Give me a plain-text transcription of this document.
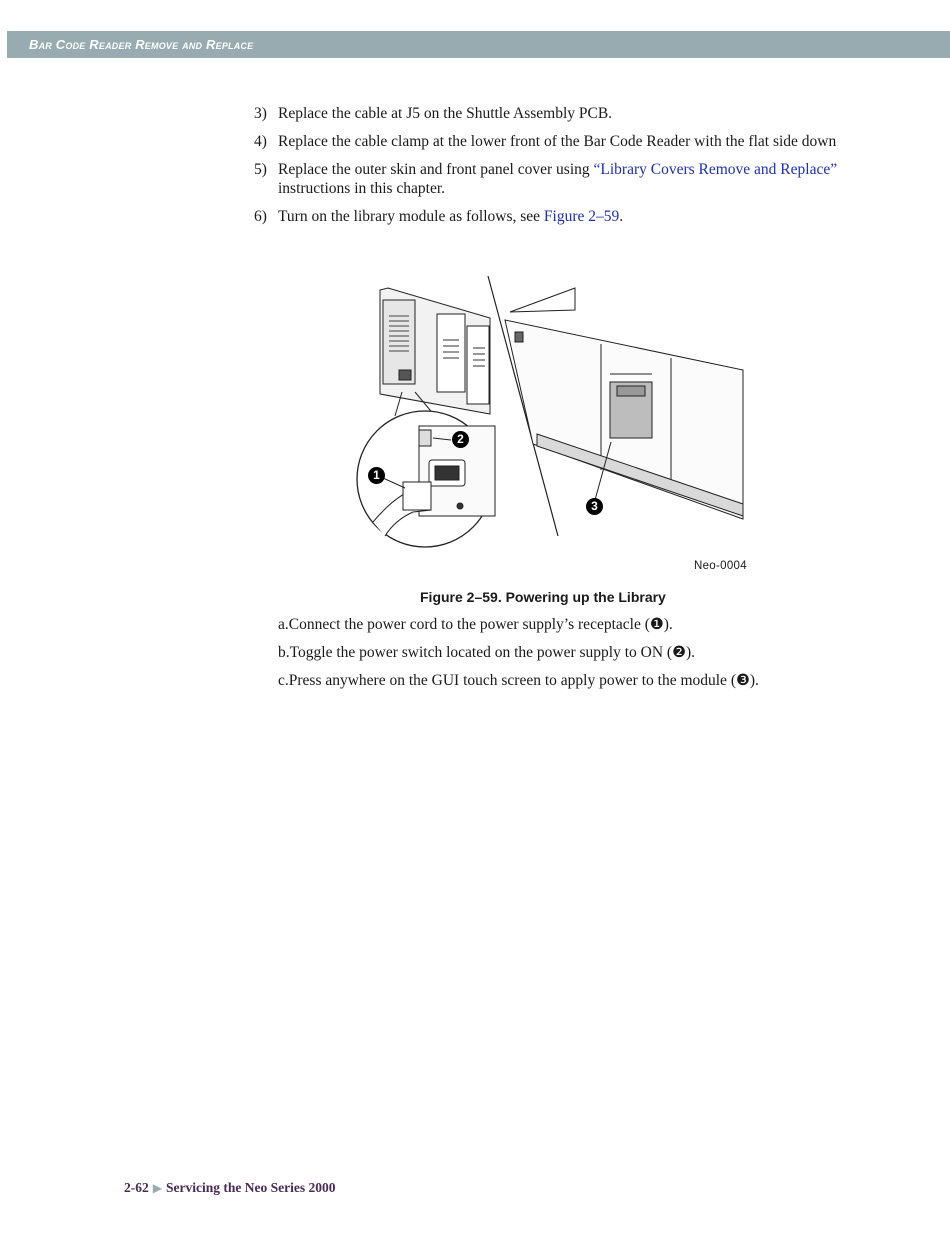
Bar Code Reader Remove and Replace
3) Replace the cable at J5 on the Shuttle Assembly PCB.
4) Replace the cable clamp at the lower front of the Bar Code Reader with the flat side down
5) Replace the outer skin and front panel cover using “Library Covers Remove and Replace” instructions in this chapter.
6) Turn on the library module as follows, see Figure 2–59.
1
2
3
Neo-0004
Figure 2–59. Powering up the Library
a.Connect the power cord to the power supply’s receptacle (❶).
b.Toggle the power switch located on the power supply to ON (❷).
c.Press anywhere on the GUI touch screen to apply power to the module (❸).
2-62 ▶ Servicing the Neo Series 2000
